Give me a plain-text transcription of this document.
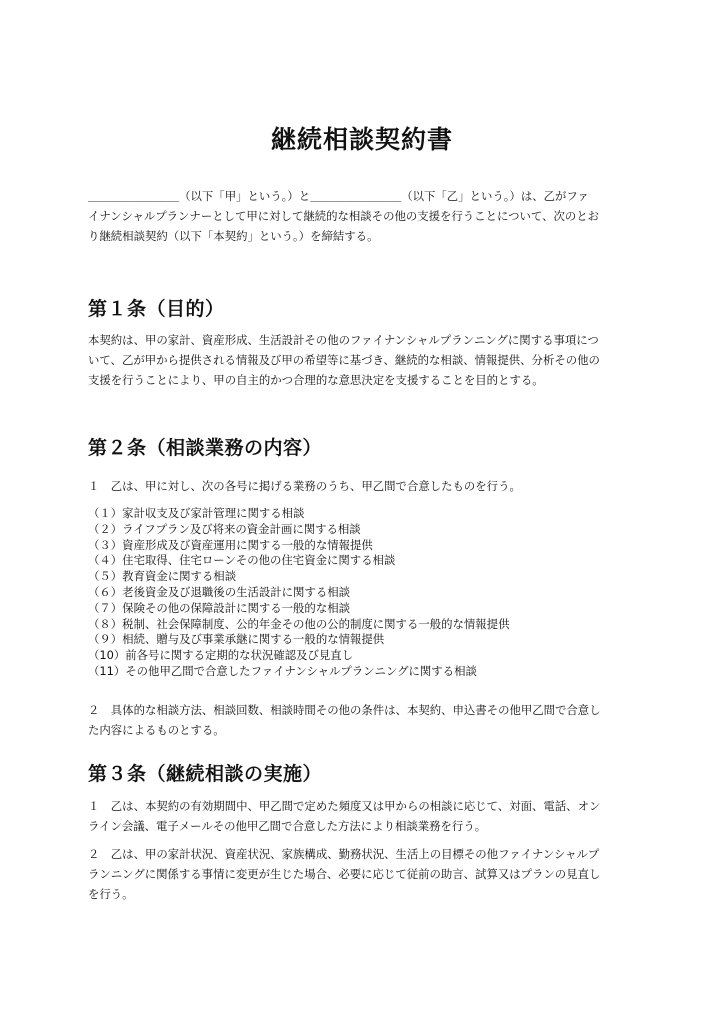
継続相談契約書

＿＿＿＿＿＿＿＿（以下「甲」という。）と＿＿＿＿＿＿＿＿（以下「乙」という。）は、乙がファ
イナンシャルプランナーとして甲に対して継続的な相談その他の支援を行うことについて、次のとお
り継続相談契約（以下「本契約」という。）を締結する。

第１条（目的）

本契約は、甲の家計、資産形成、生活設計その他のファイナンシャルプランニングに関する事項につ
いて、乙が甲から提供される情報及び甲の希望等に基づき、継続的な相談、情報提供、分析その他の
支援を行うことにより、甲の自主的かつ合理的な意思決定を支援することを目的とする。

第２条（相談業務の内容）

１　乙は、甲に対し、次の各号に掲げる業務のうち、甲乙間で合意したものを行う。

（１）家計収支及び家計管理に関する相談
（２）ライフプラン及び将来の資金計画に関する相談
（３）資産形成及び資産運用に関する一般的な情報提供
（４）住宅取得、住宅ローンその他の住宅資金に関する相談
（５）教育資金に関する相談
（６）老後資金及び退職後の生活設計に関する相談
（７）保険その他の保障設計に関する一般的な相談
（８）税制、社会保障制度、公的年金その他の公的制度に関する一般的な情報提供
（９）相続、贈与及び事業承継に関する一般的な情報提供
（10）前各号に関する定期的な状況確認及び見直し
（11）その他甲乙間で合意したファイナンシャルプランニングに関する相談

２　具体的な相談方法、相談回数、相談時間その他の条件は、本契約、申込書その他甲乙間で合意し
た内容によるものとする。

第３条（継続相談の実施）

１　乙は、本契約の有効期間中、甲乙間で定めた頻度又は甲からの相談に応じて、対面、電話、オン
ライン会議、電子メールその他甲乙間で合意した方法により相談業務を行う。

２　乙は、甲の家計状況、資産状況、家族構成、勤務状況、生活上の目標その他ファイナンシャルプ
ランニングに関係する事情に変更が生じた場合、必要に応じて従前の助言、試算又はプランの見直し
を行う。
